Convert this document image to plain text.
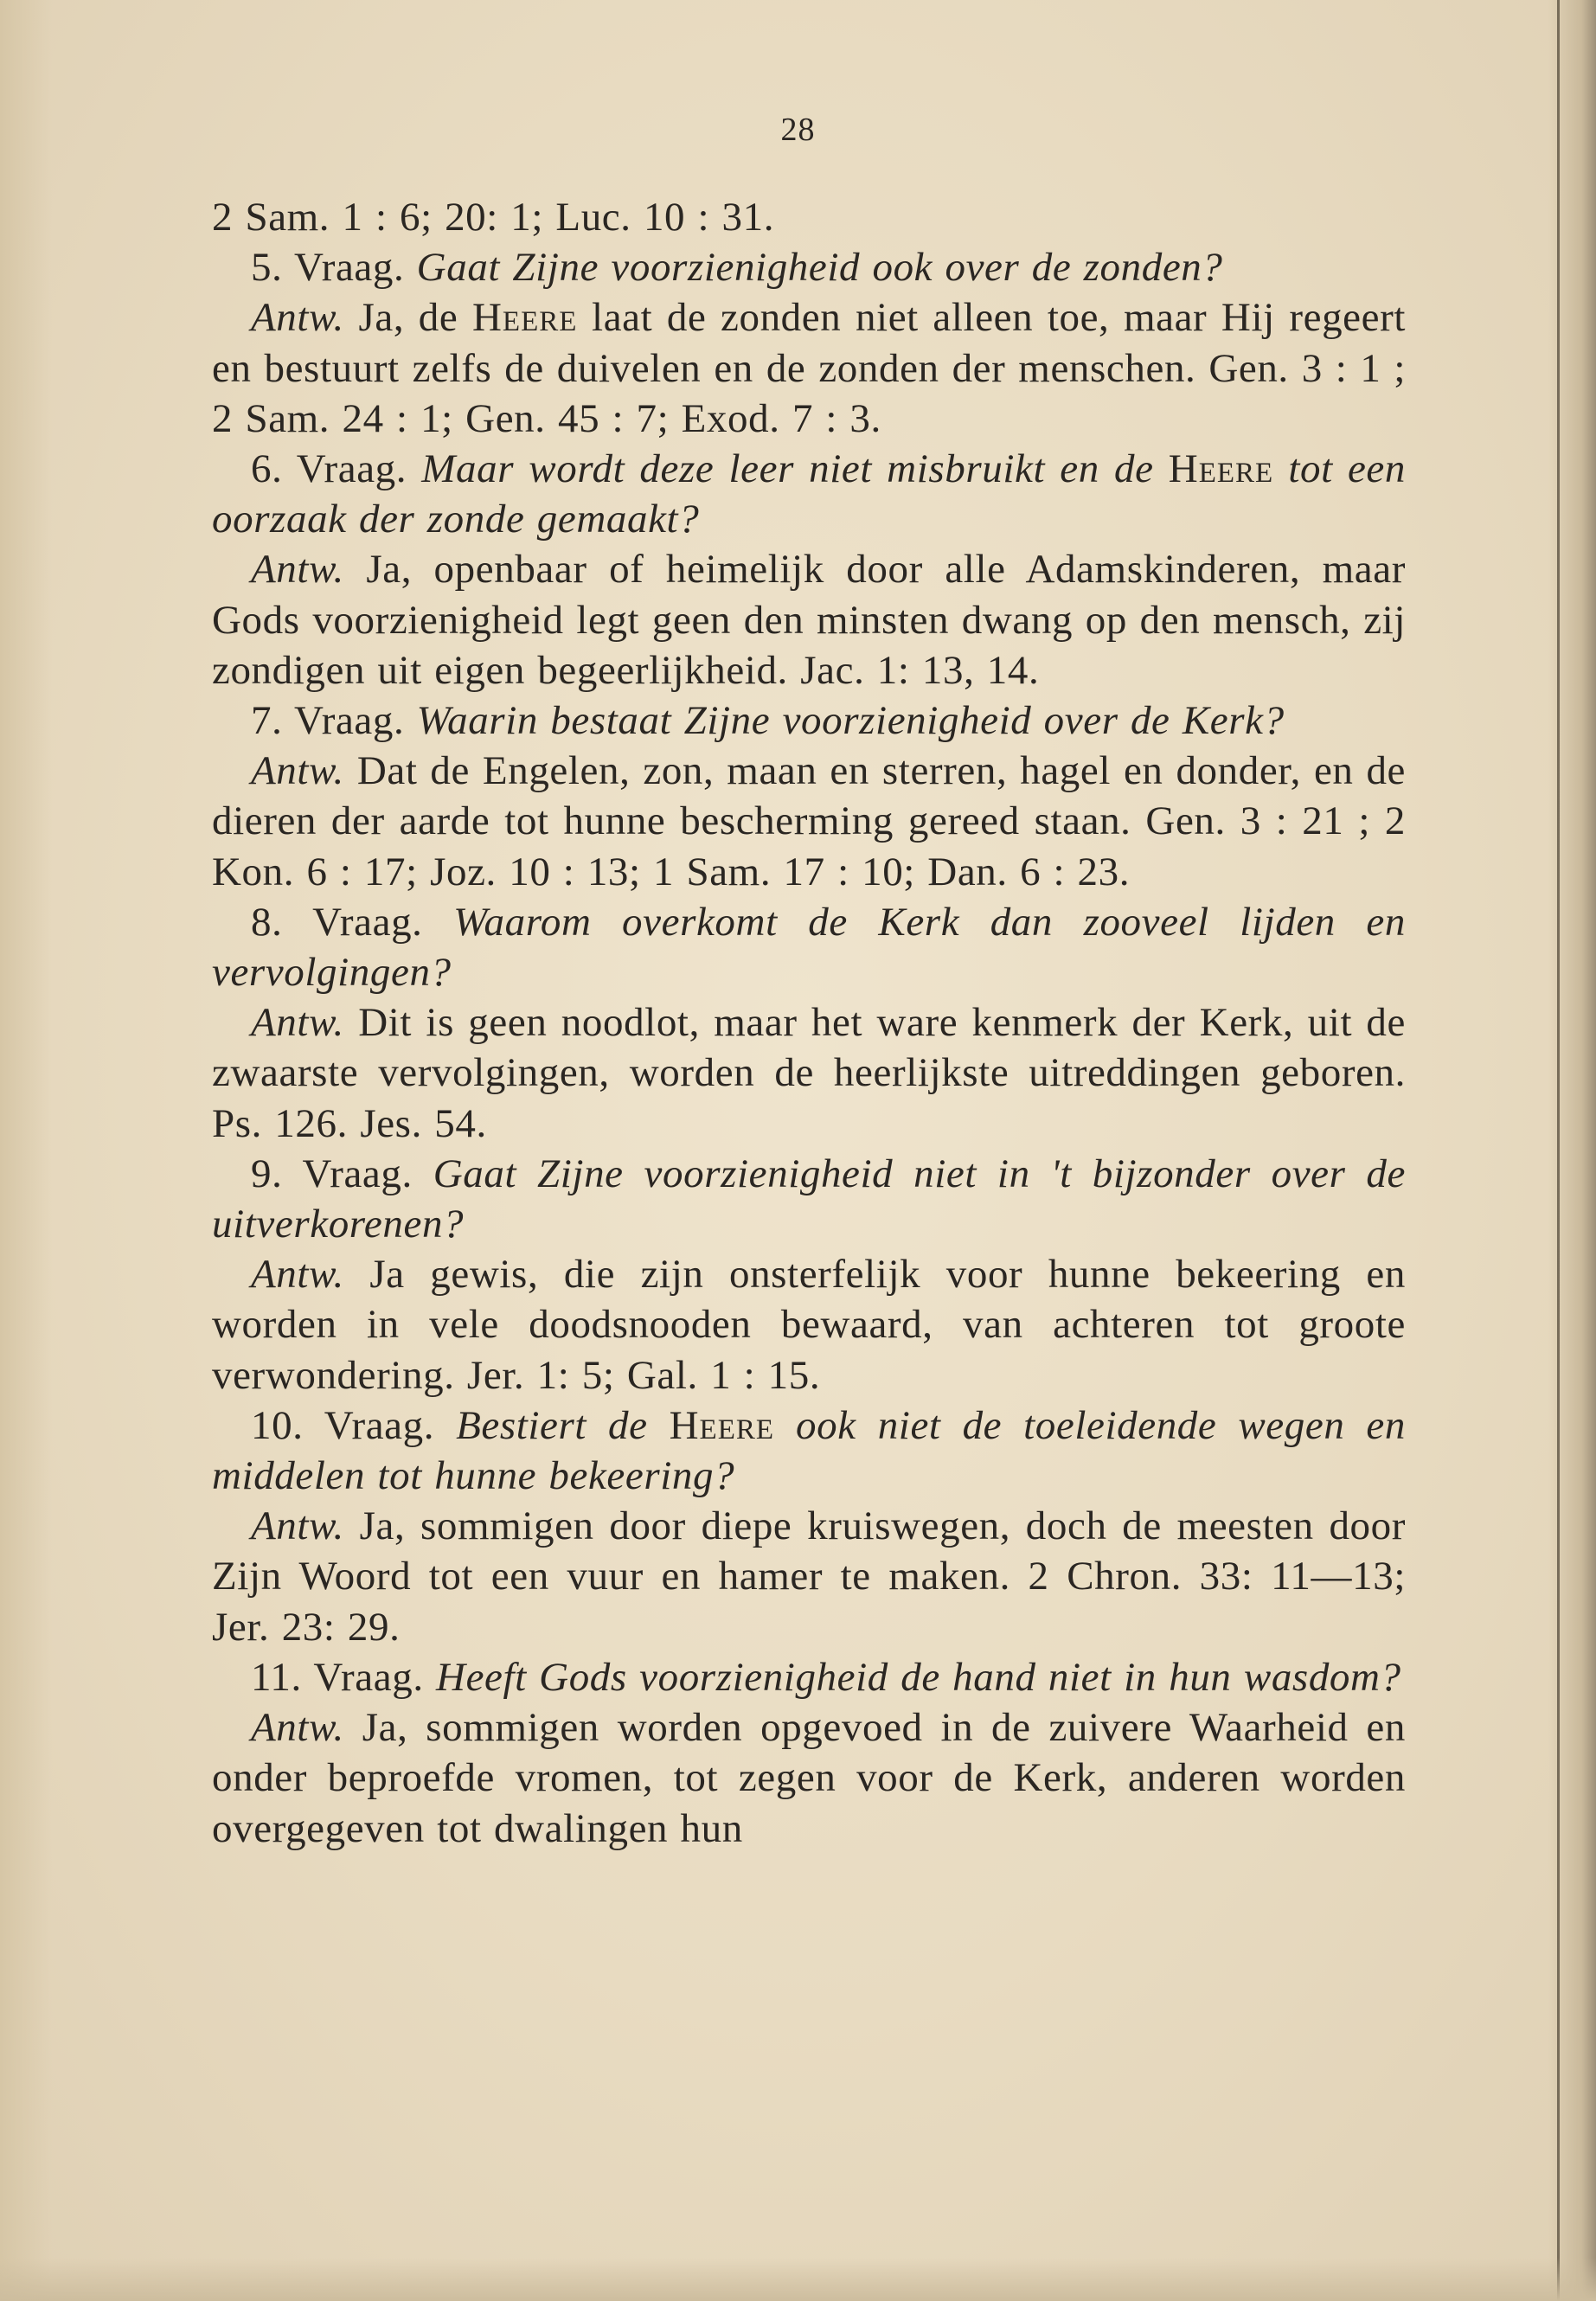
28

2 Sam. 1 : 6; 20: 1; Luc. 10 : 31.

5. Vraag. Gaat Zijne voorzienigheid ook over de zonden?

Antw. Ja, de Heere laat de zonden niet alleen toe, maar Hij regeert en bestuurt zelfs de duivelen en de zonden der menschen. Gen. 3 : 1 ; 2 Sam. 24 : 1; Gen. 45 : 7; Exod. 7 : 3.

6. Vraag. Maar wordt deze leer niet misbruikt en de Heere tot een oorzaak der zonde gemaakt?

Antw. Ja, openbaar of heimelijk door alle Adamskinderen, maar Gods voorzienigheid legt geen den minsten dwang op den mensch, zij zondigen uit eigen begeerlijkheid. Jac. 1: 13, 14.

7. Vraag. Waarin bestaat Zijne voorzienigheid over de Kerk?

Antw. Dat de Engelen, zon, maan en sterren, hagel en donder, en de dieren der aarde tot hunne bescherming gereed staan. Gen. 3 : 21 ; 2 Kon. 6 : 17; Joz. 10 : 13; 1 Sam. 17 : 10; Dan. 6 : 23.

8. Vraag. Waarom overkomt de Kerk dan zooveel lijden en vervolgingen?

Antw. Dit is geen noodlot, maar het ware kenmerk der Kerk, uit de zwaarste vervolgingen, worden de heerlijkste uitreddingen geboren. Ps. 126. Jes. 54.

9. Vraag. Gaat Zijne voorzienigheid niet in 't bijzonder over de uitverkorenen?

Antw. Ja gewis, die zijn onsterfelijk voor hunne bekeering en worden in vele doodsnooden bewaard, van achteren tot groote verwondering. Jer. 1: 5; Gal. 1 : 15.

10. Vraag. Bestiert de Heere ook niet de toeleidende wegen en middelen tot hunne bekeering?

Antw. Ja, sommigen door diepe kruiswegen, doch de meesten door Zijn Woord tot een vuur en hamer te maken. 2 Chron. 33: 11—13; Jer. 23: 29.

11. Vraag. Heeft Gods voorzienigheid de hand niet in hun wasdom?

Antw. Ja, sommigen worden opgevoed in de zuivere Waarheid en onder beproefde vromen, tot zegen voor de Kerk, anderen worden overgegeven tot dwalingen hun
